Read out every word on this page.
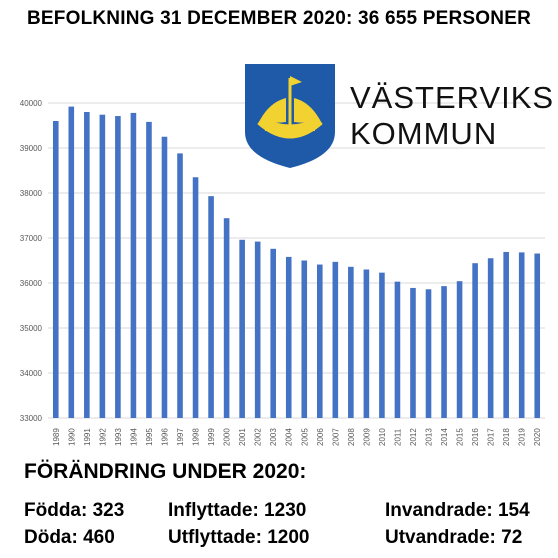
BEFOLKNING 31 DECEMBER 2020: 36 655 PERSONER
33000
34000
35000
36000
37000
38000
39000
40000
1989 1990 1991 1992 1993 1994 1995 1996 1997 1998 1999 2000 2001 2002 2003 2004 2005 2006 2007 2008 2009 2010 2011 2012 2013 2014 2015 2016 2017 2018 2019 2020
VÄSTERVIKS
KOMMUN
FÖRÄNDRING UNDER 2020:
Födda: 323
Döda: 460
Inflyttade: 1230
Utflyttade: 1200
Invandrade: 154
Utvandrade: 72
